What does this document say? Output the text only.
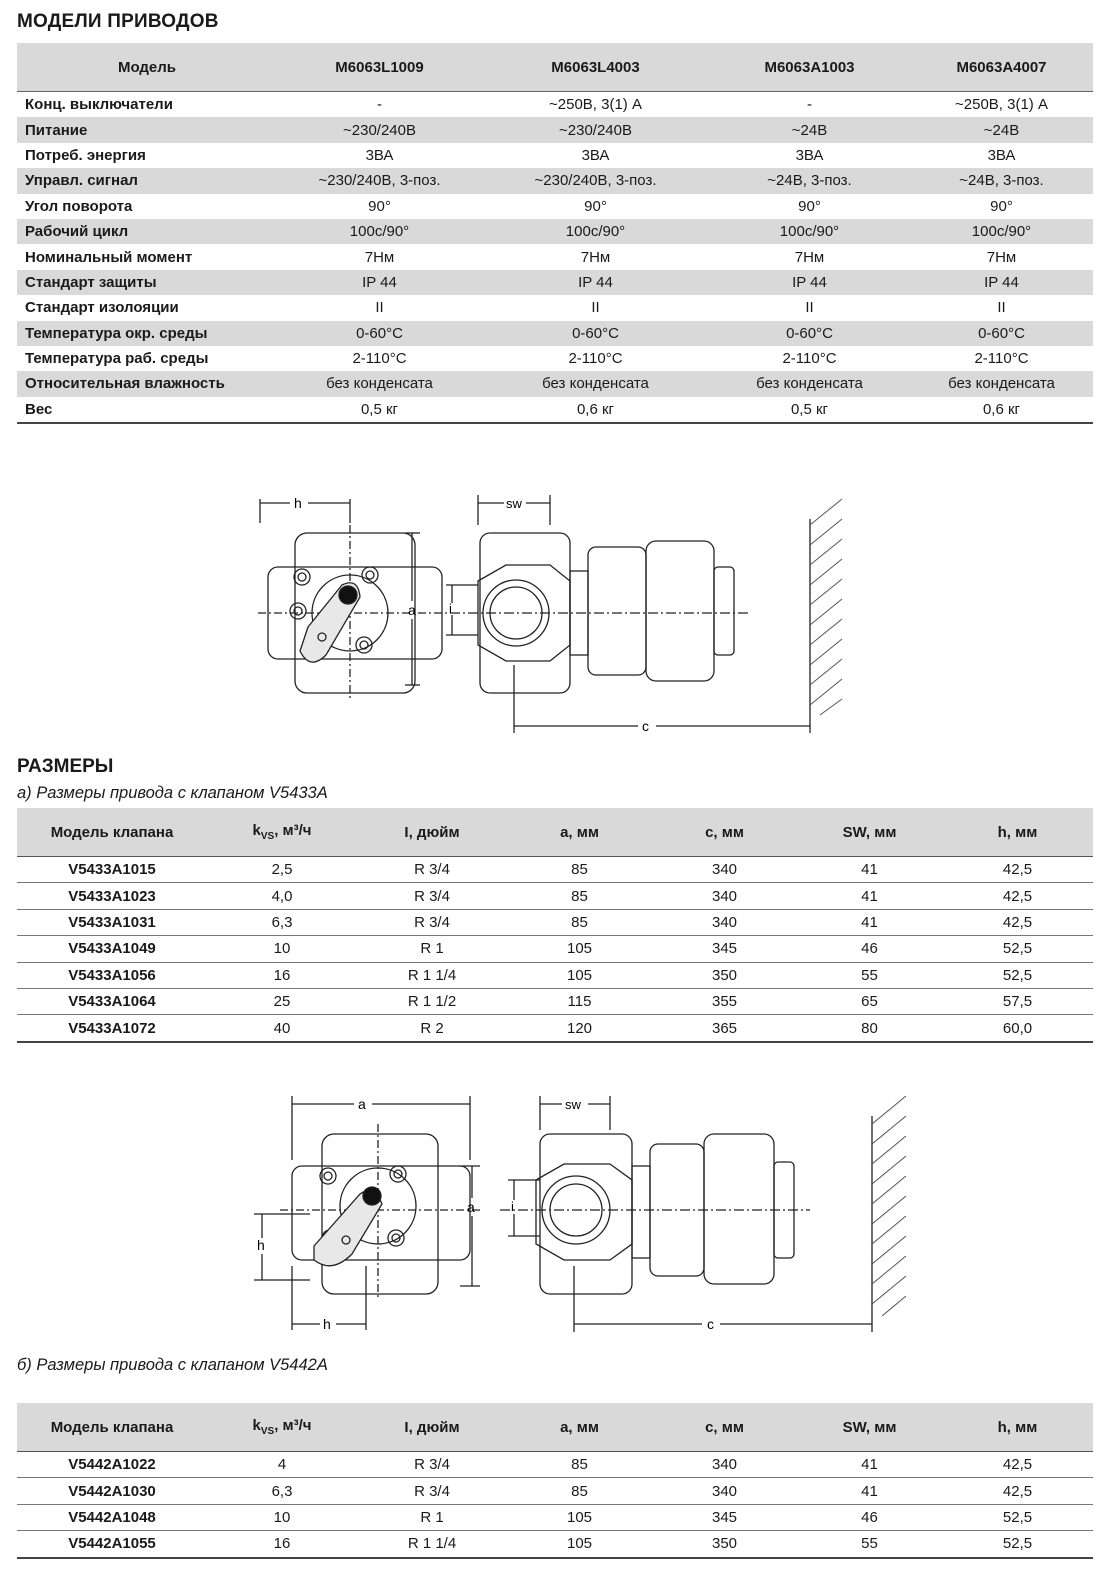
МОДЕЛИ ПРИВОДОВ
Модель	M6063L1009	M6063L4003	M6063A1003	M6063A4007
Конц. выключатели	-	~250В, 3(1) А	-	~250В, 3(1) А
Питание	~230/240В	~230/240В	~24В	~24В
Потреб. энергия	3ВА	3ВА	3ВА	3ВА
Управл. сигнал	~230/240В, 3-поз.	~230/240В, 3-поз.	~24В, 3-поз.	~24В, 3-поз.
Угол поворота	90°	90°	90°	90°
Рабочий цикл	100с/90°	100с/90°	100с/90°	100с/90°
Номинальный момент	7Нм	7Нм	7Нм	7Нм
Стандарт защиты	IP 44	IP 44	IP 44	IP 44
Стандарт изолояции	II	II	II	II
Температура окр. среды	0-60°C	0-60°C	0-60°C	0-60°C
Температура раб. среды	2-110°C	2-110°C	2-110°C	2-110°C
Относительная влажность	без конденсата	без конденсата	без конденсата	без конденсата
Вес	0,5 кг	0,6 кг	0,5 кг	0,6 кг
h
a
sw
i
c
РАЗМЕРЫ
а) Размеры привода с клапаном V5433A
Модель клапана	$k_{VS}$, м³/ч	I, дюйм	a, мм	c, мм	SW, мм	h, мм
V5433A1015	2,5	R 3/4	85	340	41	42,5
V5433A1023	4,0	R 3/4	85	340	41	42,5
V5433A1031	6,3	R 3/4	85	340	41	42,5
V5433A1049	10	R 1	105	345	46	52,5
V5433A1056	16	R 1 1/4	105	350	55	52,5
V5433A1064	25	R 1 1/2	115	355	65	57,5
V5433A1072	40	R 2	120	365	80	60,0
a
a
h
h
sw
i
c
б) Размеры привода с клапаном V5442A
Модель клапана	$k_{VS}$, м³/ч	I, дюйм	a, мм	c, мм	SW, мм	h, мм
V5442A1022	4	R 3/4	85	340	41	42,5
V5442A1030	6,3	R 3/4	85	340	41	42,5
V5442A1048	10	R 1	105	345	46	52,5
V5442A1055	16	R 1 1/4	105	350	55	52,5
